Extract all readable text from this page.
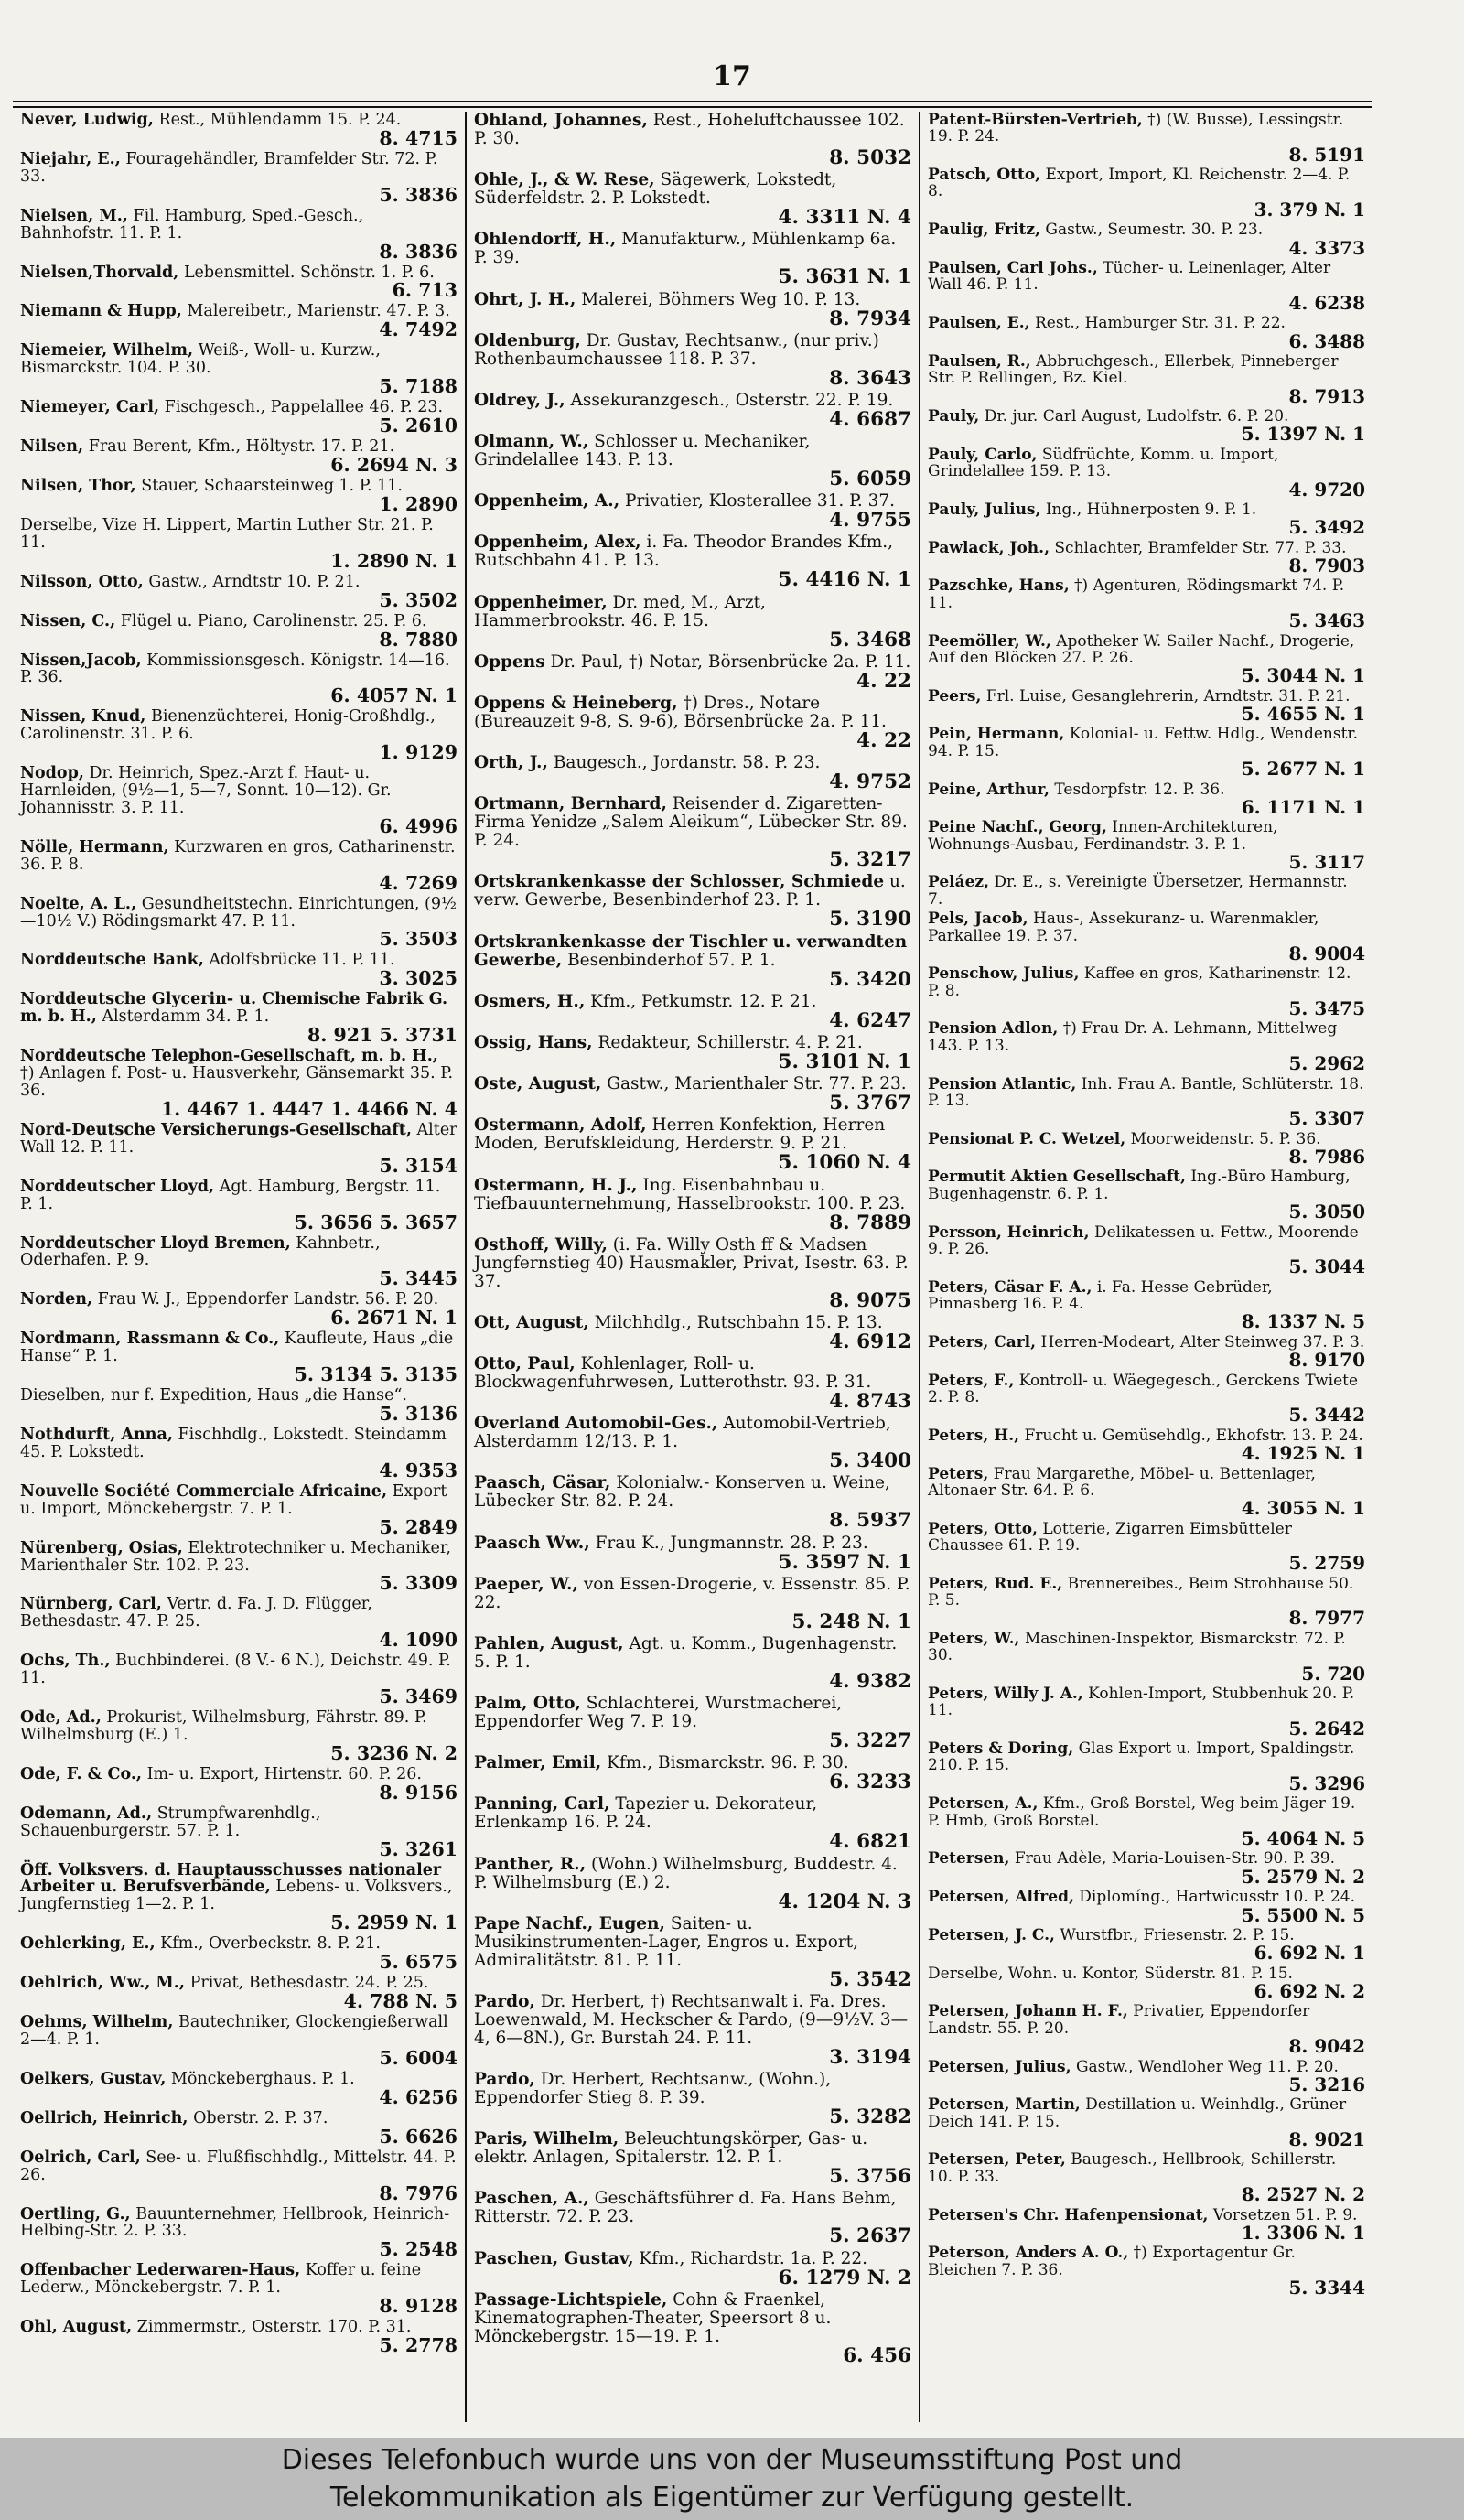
17
Never, Ludwig, Rest., Mühlendamm 15. P. 24.
8. 4715
Niejahr, E., Fouragehändler, Bramfelder Str. 72. P. 33.
5. 3836
Nielsen, M., Fil. Hamburg, Sped.-Gesch., Bahnhofstr. 11. P. 1.
8. 3836
Nielsen,Thorvald, Lebensmittel. Schönstr. 1. P. 6.
6. 713
Niemann & Hupp, Malereibetr., Marienstr. 47. P. 3.
4. 7492
Niemeier, Wilhelm, Weiß-, Woll- u. Kurzw., Bismarckstr. 104. P. 30.
5. 7188
Niemeyer, Carl, Fischgesch., Pappelallee 46. P. 23.
5. 2610
Nilsen, Frau Berent, Kfm., Höltystr. 17. P. 21.
6. 2694 N. 3
Nilsen, Thor, Stauer, Schaarsteinweg 1. P. 11.
1. 2890
Derselbe, Vize H. Lippert, Martin Luther Str. 21. P. 11.
1. 2890 N. 1
Nilsson, Otto, Gastw., Arndtstr 10. P. 21.
5. 3502
Nissen, C., Flügel u. Piano, Carolinenstr. 25. P. 6.
8. 7880
Nissen,Jacob, Kommissionsgesch. Königstr. 14—16. P. 36.
6. 4057 N. 1
Nissen, Knud, Bienenzüchterei, Honig-Großhdlg., Carolinenstr. 31. P. 6.
1. 9129
Nodop, Dr. Heinrich, Spez.-Arzt f. Haut- u. Harnleiden, (9½—1, 5—7, Sonnt. 10—12). Gr. Johannisstr. 3. P. 11.
6. 4996
Nölle, Hermann, Kurzwaren en gros, Catharinenstr. 36. P. 8.
4. 7269
Noelte, A. L., Gesundheitstechn. Einrichtungen, (9½—10½ V.) Rödingsmarkt 47. P. 11.
5. 3503
Norddeutsche Bank, Adolfsbrücke 11. P. 11.
3. 3025
Norddeutsche Glycerin- u. Chemische Fabrik G. m. b. H., Alsterdamm 34. P. 1.
8. 921 5. 3731
Norddeutsche Telephon-Gesellschaft, m. b. H., †) Anlagen f. Post- u. Hausverkehr, Gänsemarkt 35. P. 36.
1. 4467 1. 4447 1. 4466 N. 4
Nord-Deutsche Versicherungs-Gesellschaft, Alter Wall 12. P. 11.
5. 3154
Norddeutscher Lloyd, Agt. Hamburg, Bergstr. 11. P. 1.
5. 3656 5. 3657
Norddeutscher Lloyd Bremen, Kahnbetr., Oderhafen. P. 9.
5. 3445
Norden, Frau W. J., Eppendorfer Landstr. 56. P. 20.
6. 2671 N. 1
Nordmann, Rassmann & Co., Kaufleute, Haus „die Hanse“ P. 1.
5. 3134 5. 3135
Dieselben, nur f. Expedition, Haus „die Hanse“.
5. 3136
Nothdurft, Anna, Fischhdlg., Lokstedt. Steindamm 45. P. Lokstedt.
4. 9353
Nouvelle Société Commerciale Africaine, Export u. Import, Mönckebergstr. 7. P. 1.
5. 2849
Nürenberg, Osias, Elektrotechniker u. Mechaniker, Marienthaler Str. 102. P. 23.
5. 3309
Nürnberg, Carl, Vertr. d. Fa. J. D. Flügger, Bethesdastr. 47. P. 25.
4. 1090
Ochs, Th., Buchbinderei. (8 V.- 6 N.), Deichstr. 49. P. 11.
5. 3469
Ode, Ad., Prokurist, Wilhelmsburg, Fährstr. 89. P. Wilhelmsburg (E.) 1.
5. 3236 N. 2
Ode, F. & Co., Im- u. Export, Hirtenstr. 60. P. 26.
8. 9156
Odemann, Ad., Strumpfwarenhdlg., Schauenburgerstr. 57. P. 1.
5. 3261
Öff. Volksvers. d. Hauptausschusses nationaler Arbeiter u. Berufsverbände, Lebens- u. Volksvers., Jungfernstieg 1—2. P. 1.
5. 2959 N. 1
Oehlerking, E., Kfm., Overbeckstr. 8. P. 21.
5. 6575
Oehlrich, Ww., M., Privat, Bethesdastr. 24. P. 25.
4. 788 N. 5
Oehms, Wilhelm, Bautechniker, Glockengießerwall 2—4. P. 1.
5. 6004
Oelkers, Gustav, Mönckeberghaus. P. 1.
4. 6256
Oellrich, Heinrich, Oberstr. 2. P. 37.
5. 6626
Oelrich, Carl, See- u. Flußfischhdlg., Mittelstr. 44. P. 26.
8. 7976
Oertling, G., Bauunternehmer, Hellbrook, Heinrich-Helbing-Str. 2. P. 33.
5. 2548
Offenbacher Lederwaren-Haus, Koffer u. feine Lederw., Mönckebergstr. 7. P. 1.
8. 9128
Ohl, August, Zimmermstr., Osterstr. 170. P. 31.
5. 2778
Ohland, Johannes, Rest., Hoheluftchaussee 102. P. 30.
8. 5032
Ohle, J., & W. Rese, Sägewerk, Lokstedt, Süderfeldstr. 2. P. Lokstedt.
4. 3311 N. 4
Ohlendorff, H., Manufakturw., Mühlenkamp 6a. P. 39.
5. 3631 N. 1
Ohrt, J. H., Malerei, Böhmers Weg 10. P. 13.
8. 7934
Oldenburg, Dr. Gustav, Rechtsanw., (nur priv.) Rothenbaumchaussee 118. P. 37.
8. 3643
Oldrey, J., Assekuranzgesch., Osterstr. 22. P. 19.
4. 6687
Olmann, W., Schlosser u. Mechaniker, Grindelallee 143. P. 13.
5. 6059
Oppenheim, A., Privatier, Klosterallee 31. P. 37.
4. 9755
Oppenheim, Alex, i. Fa. Theodor Brandes Kfm., Rutschbahn 41. P. 13.
5. 4416 N. 1
Oppenheimer, Dr. med, M., Arzt, Hammerbrookstr. 46. P. 15.
5. 3468
Oppens Dr. Paul, †) Notar, Börsenbrücke 2a. P. 11.
4. 22
Oppens & Heineberg, †) Dres., Notare (Bureauzeit 9-8, S. 9-6), Börsenbrücke 2a. P. 11.
4. 22
Orth, J., Baugesch., Jordanstr. 58. P. 23.
4. 9752
Ortmann, Bernhard, Reisender d. Zigaretten-Firma Yenidze „Salem Aleikum“, Lübecker Str. 89. P. 24.
5. 3217
Ortskrankenkasse der Schlosser, Schmiede u. verw. Gewerbe, Besenbinderhof 23. P. 1.
5. 3190
Ortskrankenkasse der Tischler u. verwandten Gewerbe, Besenbinderhof 57. P. 1.
5. 3420
Osmers, H., Kfm., Petkumstr. 12. P. 21.
4. 6247
Ossig, Hans, Redakteur, Schillerstr. 4. P. 21.
5. 3101 N. 1
Oste, August, Gastw., Marienthaler Str. 77. P. 23.
5. 3767
Ostermann, Adolf, Herren Konfektion, Herren Moden, Berufskleidung, Herderstr. 9. P. 21.
5. 1060 N. 4
Ostermann, H. J., Ing. Eisenbahnbau u. Tiefbauunternehmung, Hasselbrookstr. 100. P. 23.
8. 7889
Osthoff, Willy, (i. Fa. Willy Osth ff & Madsen Jungfernstieg 40) Hausmakler, Privat, Isestr. 63. P. 37.
8. 9075
Ott, August, Milchhdlg., Rutschbahn 15. P. 13.
4. 6912
Otto, Paul, Kohlenlager, Roll- u. Blockwagenfuhrwesen, Lutterothstr. 93. P. 31.
4. 8743
Overland Automobil-Ges., Automobil-Vertrieb, Alsterdamm 12/13. P. 1.
5. 3400
Paasch, Cäsar, Kolonialw.- Konserven u. Weine, Lübecker Str. 82. P. 24.
8. 5937
Paasch Ww., Frau K., Jungmannstr. 28. P. 23.
5. 3597 N. 1
Paeper, W., von Essen-Drogerie, v. Essenstr. 85. P. 22.
5. 248 N. 1
Pahlen, August, Agt. u. Komm., Bugenhagenstr. 5. P. 1.
4. 9382
Palm, Otto, Schlachterei, Wurstmacherei, Eppendorfer Weg 7. P. 19.
5. 3227
Palmer, Emil, Kfm., Bismarckstr. 96. P. 30.
6. 3233
Panning, Carl, Tapezier u. Dekorateur, Erlenkamp 16. P. 24.
4. 6821
Panther, R., (Wohn.) Wilhelmsburg, Buddestr. 4. P. Wilhelmsburg (E.) 2.
4. 1204 N. 3
Pape Nachf., Eugen, Saiten- u. Musikinstrumenten-Lager, Engros u. Export, Admiralitätstr. 81. P. 11.
5. 3542
Pardo, Dr. Herbert, †) Rechtsanwalt i. Fa. Dres. Loewenwald, M. Heckscher & Pardo, (9—9½V. 3—4, 6—8N.), Gr. Burstah 24. P. 11.
3. 3194
Pardo, Dr. Herbert, Rechtsanw., (Wohn.), Eppendorfer Stieg 8. P. 39.
5. 3282
Paris, Wilhelm, Beleuchtungskörper, Gas- u. elektr. Anlagen, Spitalerstr. 12. P. 1.
5. 3756
Paschen, A., Geschäftsführer d. Fa. Hans Behm, Ritterstr. 72. P. 23.
5. 2637
Paschen, Gustav, Kfm., Richardstr. 1a. P. 22.
6. 1279 N. 2
Passage-Lichtspiele, Cohn & Fraenkel, Kinematographen-Theater, Speersort 8 u. Mönckebergstr. 15—19. P. 1.
6. 456
Patent-Bürsten-Vertrieb, †) (W. Busse), Lessingstr. 19. P. 24.
8. 5191
Patsch, Otto, Export, Import, Kl. Reichenstr. 2—4. P. 8.
3. 379 N. 1
Paulig, Fritz, Gastw., Seumestr. 30. P. 23.
4. 3373
Paulsen, Carl Johs., Tücher- u. Leinenlager, Alter Wall 46. P. 11.
4. 6238
Paulsen, E., Rest., Hamburger Str. 31. P. 22.
6. 3488
Paulsen, R., Abbruchgesch., Ellerbek, Pinneberger Str. P. Rellingen, Bz. Kiel.
8. 7913
Pauly, Dr. jur. Carl August, Ludolfstr. 6. P. 20.
5. 1397 N. 1
Pauly, Carlo, Südfrüchte, Komm. u. Import, Grindelallee 159. P. 13.
4. 9720
Pauly, Julius, Ing., Hühnerposten 9. P. 1.
5. 3492
Pawlack, Joh., Schlachter, Bramfelder Str. 77. P. 33.
8. 7903
Pazschke, Hans, †) Agenturen, Rödingsmarkt 74. P. 11.
5. 3463
Peemöller, W., Apotheker W. Sailer Nachf., Drogerie, Auf den Blöcken 27. P. 26.
5. 3044 N. 1
Peers, Frl. Luise, Gesanglehrerin, Arndtstr. 31. P. 21.
5. 4655 N. 1
Pein, Hermann, Kolonial- u. Fettw. Hdlg., Wendenstr. 94. P. 15.
5. 2677 N. 1
Peine, Arthur, Tesdorpfstr. 12. P. 36.
6. 1171 N. 1
Peine Nachf., Georg, Innen-Architekturen, Wohnungs-Ausbau, Ferdinandstr. 3. P. 1.
5. 3117
Peláez, Dr. E., s. Vereinigte Übersetzer, Hermannstr. 7.
Pels, Jacob, Haus-, Assekuranz- u. Warenmakler, Parkallee 19. P. 37.
8. 9004
Penschow, Julius, Kaffee en gros, Katharinenstr. 12. P. 8.
5. 3475
Pension Adlon, †) Frau Dr. A. Lehmann, Mittelweg 143. P. 13.
5. 2962
Pension Atlantic, Inh. Frau A. Bantle, Schlüterstr. 18. P. 13.
5. 3307
Pensionat P. C. Wetzel, Moorweidenstr. 5. P. 36.
8. 7986
Permutit Aktien Gesellschaft, Ing.-Büro Hamburg, Bugenhagenstr. 6. P. 1.
5. 3050
Persson, Heinrich, Delikatessen u. Fettw., Moorende 9. P. 26.
5. 3044
Peters, Cäsar F. A., i. Fa. Hesse Gebrüder, Pinnasberg 16. P. 4.
8. 1337 N. 5
Peters, Carl, Herren-Modeart, Alter Steinweg 37. P. 3.
8. 9170
Peters, F., Kontroll- u. Wäegegesch., Gerckens Twiete 2. P. 8.
5. 3442
Peters, H., Frucht u. Gemüsehdlg., Ekhofstr. 13. P. 24.
4. 1925 N. 1
Peters, Frau Margarethe, Möbel- u. Bettenlager, Altonaer Str. 64. P. 6.
4. 3055 N. 1
Peters, Otto, Lotterie, Zigarren Eimsbütteler Chaussee 61. P. 19.
5. 2759
Peters, Rud. E., Brennereibes., Beim Strohhause 50. P. 5.
8. 7977
Peters, W., Maschinen-Inspektor, Bismarckstr. 72. P. 30.
5. 720
Peters, Willy J. A., Kohlen-Import, Stubbenhuk 20. P. 11.
5. 2642
Peters & Doring, Glas Export u. Import, Spaldingstr. 210. P. 15.
5. 3296
Petersen, A., Kfm., Groß Borstel, Weg beim Jäger 19. P. Hmb, Groß Borstel.
5. 4064 N. 5
Petersen, Frau Adèle, Maria-Louisen-Str. 90. P. 39.
5. 2579 N. 2
Petersen, Alfred, Diplomíng., Hartwicusstr 10. P. 24.
5. 5500 N. 5
Petersen, J. C., Wurstfbr., Friesenstr. 2. P. 15.
6. 692 N. 1
Derselbe, Wohn. u. Kontor, Süderstr. 81. P. 15.
6. 692 N. 2
Petersen, Johann H. F., Privatier, Eppendorfer Landstr. 55. P. 20.
8. 9042
Petersen, Julius, Gastw., Wendloher Weg 11. P. 20.
5. 3216
Petersen, Martin, Destillation u. Weinhdlg., Grüner Deich 141. P. 15.
8. 9021
Petersen, Peter, Baugesch., Hellbrook, Schillerstr. 10. P. 33.
8. 2527 N. 2
Petersen's Chr. Hafenpensionat, Vorsetzen 51. P. 9.
1. 3306 N. 1
Peterson, Anders A. O., †) Exportagentur Gr. Bleichen 7. P. 36.
5. 3344
Dieses Telefonbuch wurde uns von der Museumsstiftung Post und
Telekommunikation als Eigentümer zur Verfügung gestellt.
